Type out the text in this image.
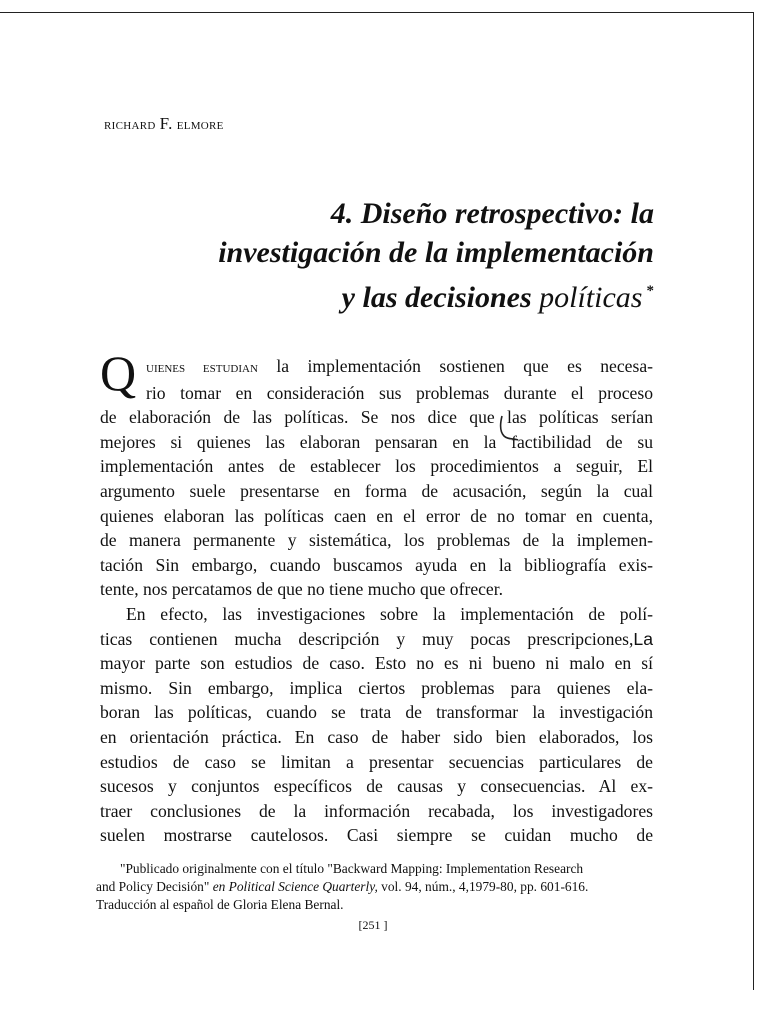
richard F. elmore
4. Diseño retrospectivo: la
investigación de la implementación
y las decisiones políticas *
Q uienes estudian la implementación sostienen que es necesa-
rio tomar en consideración sus problemas durante el proceso
de elaboración de las políticas. Se nos dice que las políticas serían
mejores si quienes las elaboran pensaran en la factibilidad de su
implementación antes de establecer los procedimientos a seguir, El
argumento suele presentarse en forma de acusación, según la cual
quienes elaboran las políticas caen en el error de no tomar en cuenta,
de manera permanente y sistemática, los problemas de la implemen-
tación Sin embargo, cuando buscamos ayuda en la bibliografía exis-
tente, nos percatamos de que no tiene mucho que ofrecer.
En efecto, las investigaciones sobre la implementación de polí-
ticas contienen mucha descripción y muy pocas prescripciones,La
mayor parte son estudios de caso. Esto no es ni bueno ni malo en sí
mismo. Sin embargo, implica ciertos problemas para quienes ela-
boran las políticas, cuando se trata de transformar la investigación
en orientación práctica. En caso de haber sido bien elaborados, los
estudios de caso se limitan a presentar secuencias particulares de
sucesos y conjuntos específicos de causas y consecuencias. Al ex-
traer conclusiones de la información recabada, los investigadores
suelen mostrarse cautelosos. Casi siempre se cuidan mucho de
"Publicado originalmente con el título "Backward Mapping: Implementation Research
and Policy Decisión" en Political Science Quarterly, vol. 94, núm., 4,1979-80, pp. 601-616.
Traducción al español de Gloria Elena Bernal.
[251 ]
